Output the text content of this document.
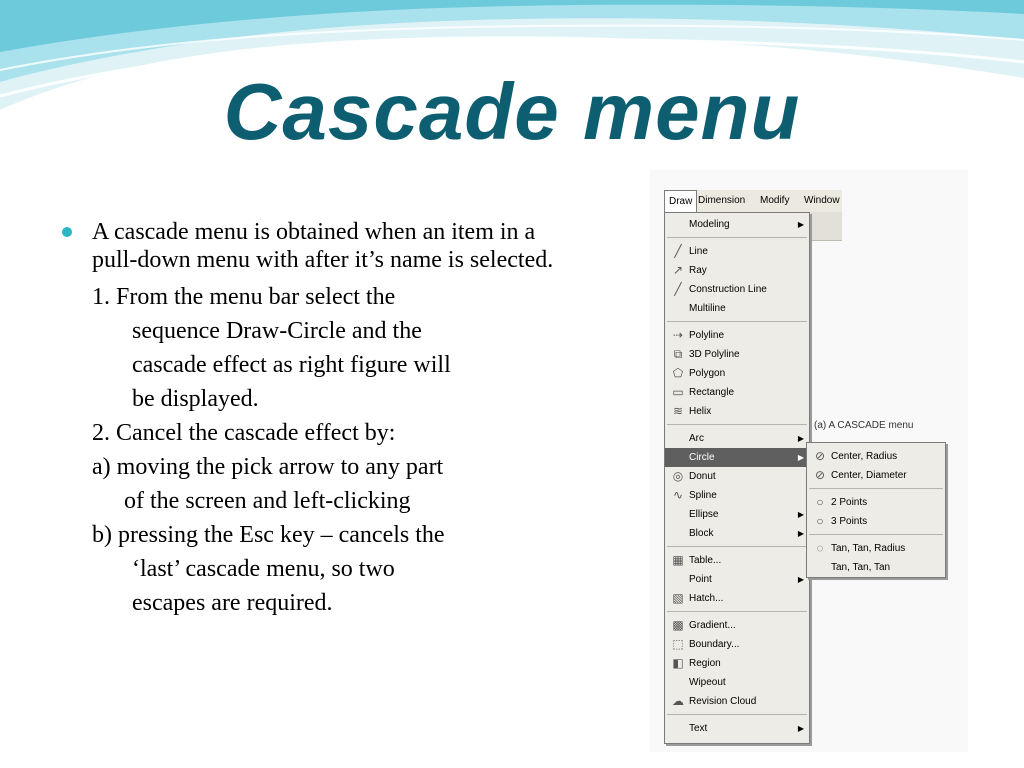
Cascade menu
A cascade menu is obtained when an item in a pull-down menu with after it’s name is selected.
1. From the menu bar select the
sequence Draw-Circle and the
cascade effect as right figure will
be displayed.
2. Cancel the cascade effect by:
a) moving the pick arrow to any part
of the screen and left-clicking
b) pressing the Esc key – cancels the
‘last’ cascade menu, so two
escapes are required.
Draw Dimension	Modify	Window
Modeling	▶
╱ Line
↗ Ray
╱ Construction Line
Multiline
⇢ Polyline
⧉ 3D Polyline
⬠ Polygon
▭ Rectangle
≋ Helix
Arc	▶
Circle	▶
◎ Donut
∿ Spline
Ellipse	▶
Block	▶
▦ Table...
Point	▶
▧ Hatch...
▩ Gradient...
⬚ Boundary...
◧ Region
Wipeout
☁ Revision Cloud
Text	▶
(a) A CASCADE menu
⊘ Center, Radius
⊘ Center, Diameter
○ 2 Points
○ 3 Points
◌ Tan, Tan, Radius
Tan, Tan, Tan
